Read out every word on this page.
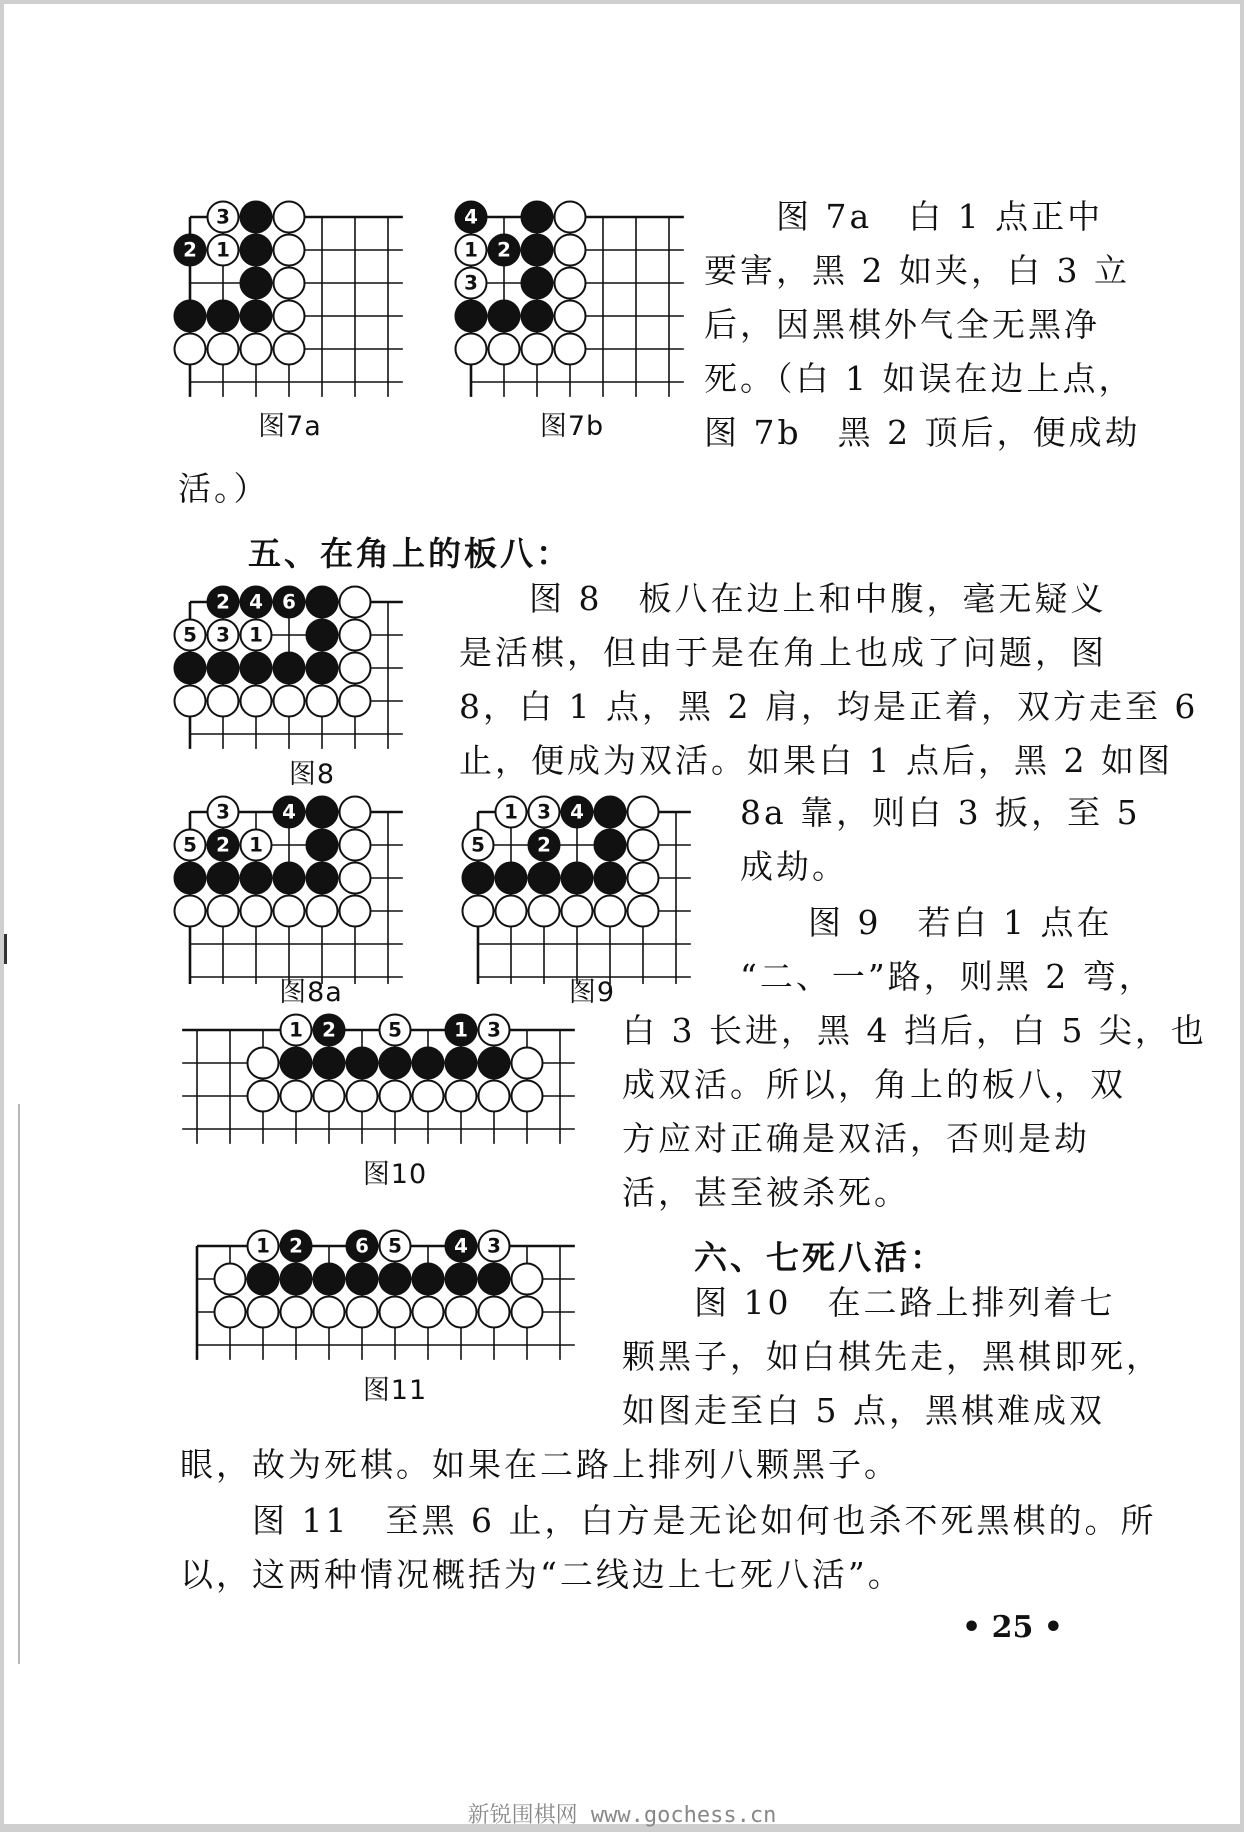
3
2 1
图7a
4
1 2
3
图7b
2 4 6
5 3 1
图8
3	4
5 2 1
图8a
1 3 4
5	2
图9
1 2	5	1 3
图10
1 2	6 5	4 3
图11
图 7a　白 1 点正中
要害，黑 2 如夹，白 3 立
后，因黑棋外气全无黑净
死。（白 1 如误在边上点，
图 7b　黑 2 顶后，便成劫
活。）
五、在角上的板八：
图 8　板八在边上和中腹，毫无疑义
是活棋，但由于是在角上也成了问题，图
8，白 1 点，黑 2 肩，均是正着，双方走至 6
止，便成为双活。如果白 1 点后，黑 2 如图
8a 靠，则白 3 扳，至 5
成劫。
图 9　若白 1 点在
“二、一”路，则黑 2 弯，
白 3 长进，黑 4 挡后，白 5 尖，也
成双活。所以，角上的板八，双
方应对正确是双活，否则是劫
活，甚至被杀死。
六、七死八活：
图 10　在二路上排列着七
颗黑子，如白棋先走，黑棋即死，
如图走至白 5 点，黑棋难成双
眼，故为死棋。如果在二路上排列八颗黑子。
图 11　至黑 6 止，白方是无论如何也杀不死黑棋的。所
以，这两种情况概括为“二线边上七死八活”。
• 25 •
新锐围棋网 www.gochess.cn
